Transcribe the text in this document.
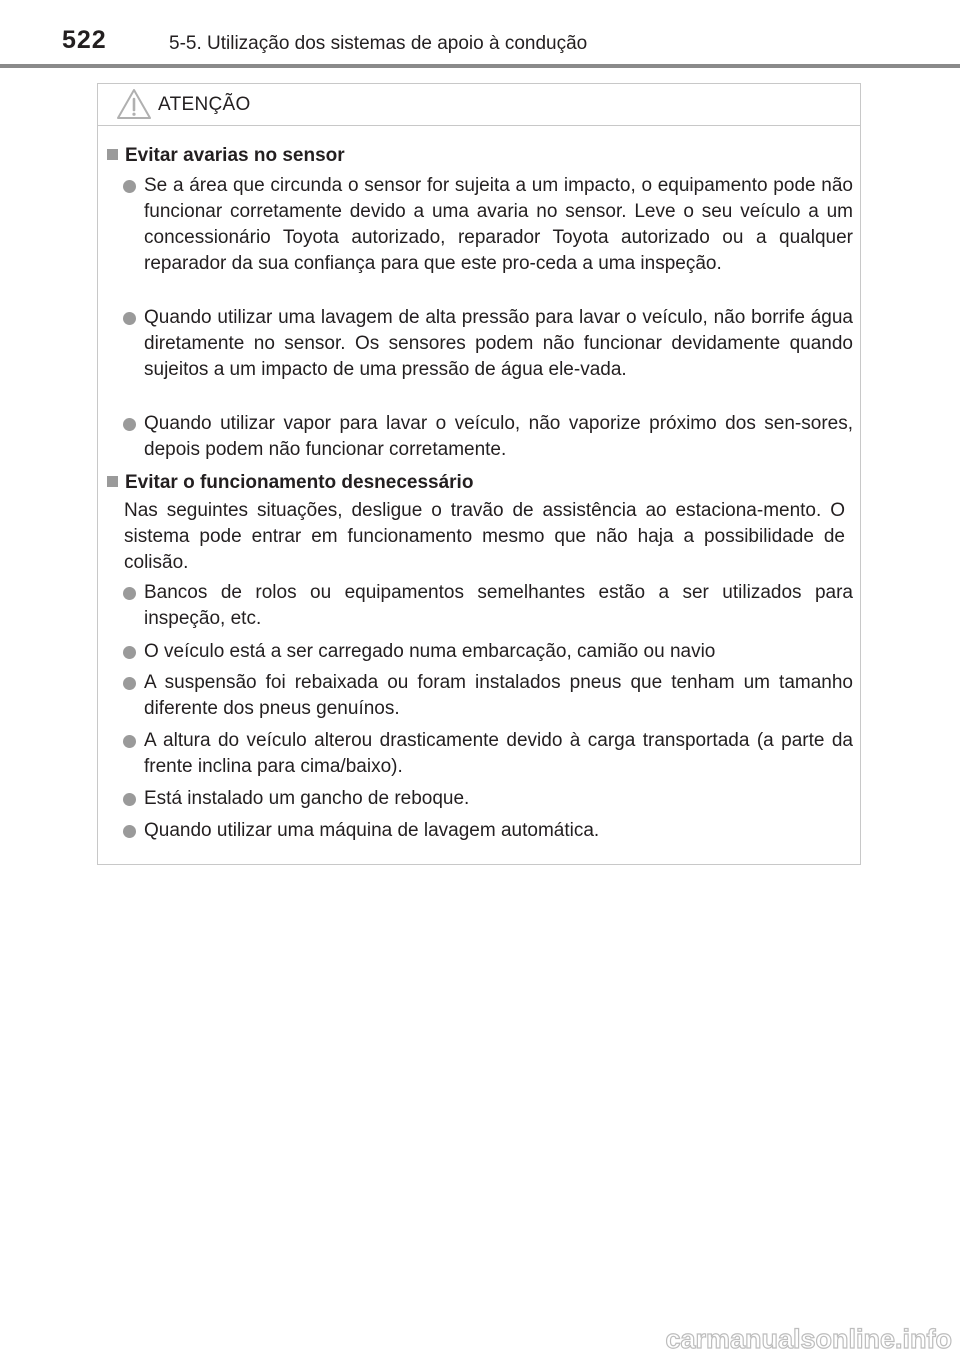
522	5-5. Utilização dos sistemas de apoio à condução
ATENÇÃO
Evitar avarias no sensor
Se a área que circunda o sensor for sujeita a um impacto, o equipamento pode não funcionar corretamente devido a uma avaria no sensor. Leve o seu veículo a um concessionário Toyota autorizado, reparador Toyota autorizado ou a qualquer reparador da sua confiança para que este pro-ceda a uma inspeção.
Quando utilizar uma lavagem de alta pressão para lavar o veículo, não borrife água diretamente no sensor. Os sensores podem não funcionar devidamente quando sujeitos a um impacto de uma pressão de água ele-vada.
Quando utilizar vapor para lavar o veículo, não vaporize próximo dos sen-sores, depois podem não funcionar corretamente.
Evitar o funcionamento desnecessário
Nas seguintes situações, desligue o travão de assistência ao estaciona-mento. O sistema pode entrar em funcionamento mesmo que não haja a possibilidade de colisão.
Bancos de rolos ou equipamentos semelhantes estão a ser utilizados para inspeção, etc.
O veículo está a ser carregado numa embarcação, camião ou navio
A suspensão foi rebaixada ou foram instalados pneus que tenham um tamanho diferente dos pneus genuínos.
A altura do veículo alterou drasticamente devido à carga transportada (a parte da frente inclina para cima/baixo).
Está instalado um gancho de reboque.
Quando utilizar uma máquina de lavagem automática.
carmanualsonline.info
